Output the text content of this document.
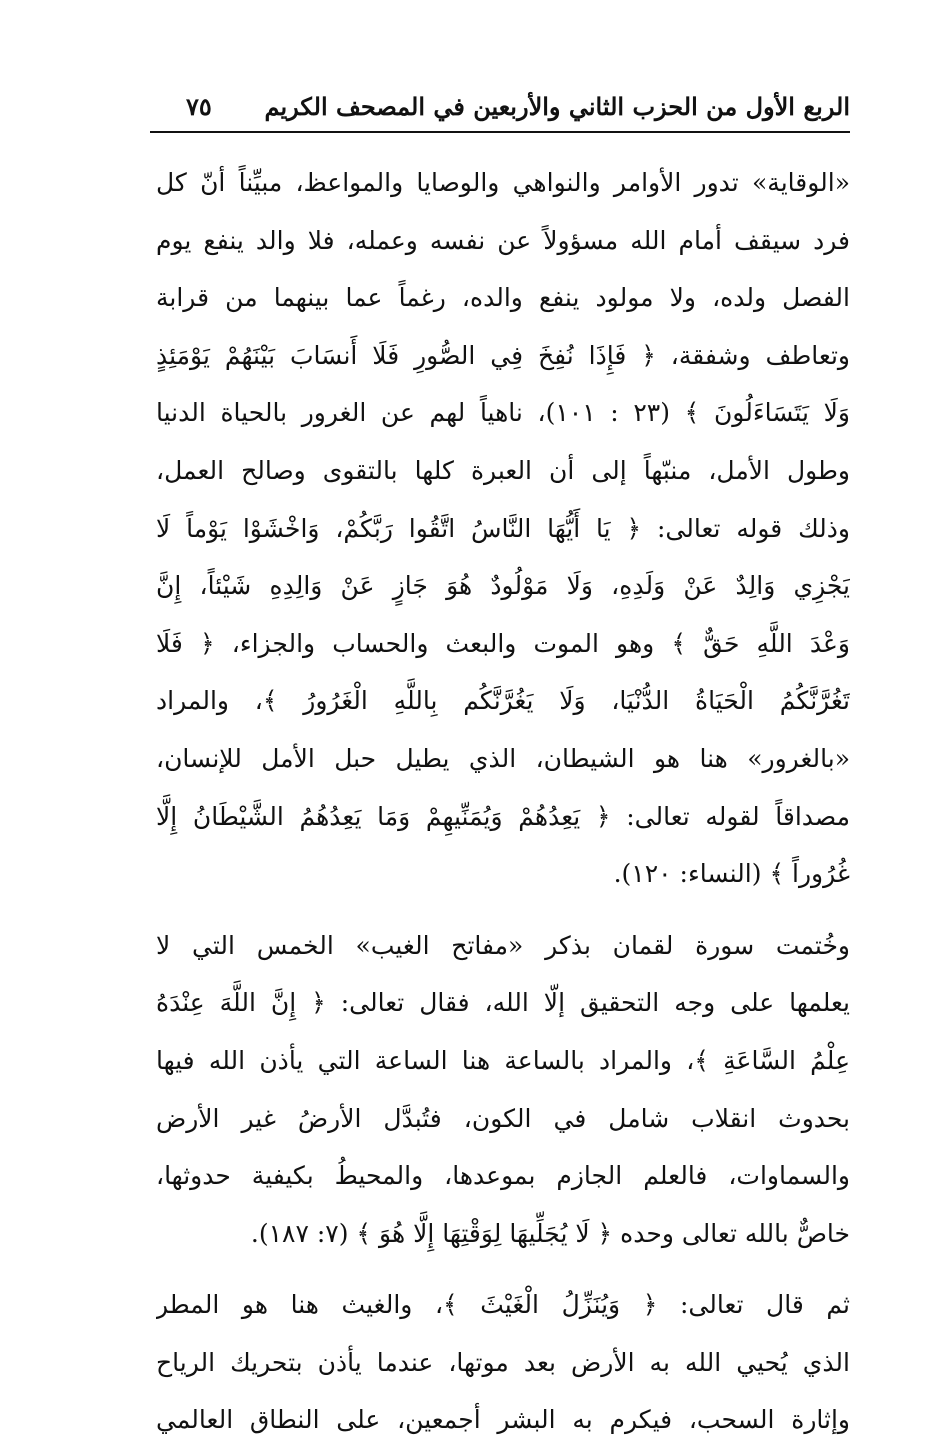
الربع الأول من الحزب الثاني والأربعين في المصحف الكريم
٧٥
«الوقاية» تدور الأوامر والنواهي والوصايا والمواعظ، مبيِّناً أنّ كل
فرد سيقف أمام الله مسؤولاً عن نفسه وعمله، فلا والد ينفع يوم
الفصل ولده، ولا مولود ينفع والده، رغماً عما بينهما من قرابة
وتعاطف وشفقة، ﴿ فَإِذَا نُفِخَ فِي الصُّورِ فَلَا أَنسَابَ بَيْنَهُمْ يَوْمَئِذٍ
وَلَا يَتَسَاءَلُونَ ﴾ (٢٣ : ١٠١)، ناهياً لهم عن الغرور بالحياة الدنيا
وطول الأمل، منبّهاً إلى أن العبرة كلها بالتقوى وصالح العمل،
وذلك قوله تعالى: ﴿ يَا أَيُّهَا النَّاسُ اتَّقُوا رَبَّكُمْ، وَاخْشَوْا يَوْماً لَا
يَجْزِي وَالِدٌ عَنْ وَلَدِهِ، وَلَا مَوْلُودٌ هُوَ جَازٍ عَنْ وَالِدِهِ شَيْئاً، إِنَّ
وَعْدَ اللَّهِ حَقٌّ ﴾ وهو الموت والبعث والحساب والجزاء، ﴿ فَلَا
تَغُرَّنَّكُمُ الْحَيَاةُ الدُّنْيَا، وَلَا يَغُرَّنَّكُم بِاللَّهِ الْغَرُورُ ﴾، والمراد
«بالغرور» هنا هو الشيطان، الذي يطيل حبل الأمل للإنسان،
مصداقاً لقوله تعالى: ﴿ يَعِدُهُمْ وَيُمَنِّيهِمْ وَمَا يَعِدُهُمُ الشَّيْطَانُ إِلَّا
غُرُوراً ﴾ (النساء: ١٢٠).
وخُتمت سورة لقمان بذكر «مفاتح الغيب» الخمس التي لا
يعلمها على وجه التحقيق إلّا الله، فقال تعالى: ﴿ إِنَّ اللَّهَ عِنْدَهُ
عِلْمُ السَّاعَةِ ﴾، والمراد بالساعة هنا الساعة التي يأذن الله فيها
بحدوث انقلاب شامل في الكون، فتُبدَّل الأرضُ غير الأرض
والسماوات، فالعلم الجازم بموعدها، والمحيطُ بكيفية حدوثها،
خاصٌّ بالله تعالى وحده ﴿ لَا يُجَلِّيهَا لِوَقْتِهَا إِلَّا هُوَ ﴾ (٧: ١٨٧).
ثم قال تعالى: ﴿ وَيُنَزِّلُ الْغَيْثَ ﴾، والغيث هنا هو المطر
الذي يُحيي الله به الأرض بعد موتها، عندما يأذن بتحريك الرياح
وإثارة السحب، فيكرم به البشر أجمعين، على النطاق العالمي
